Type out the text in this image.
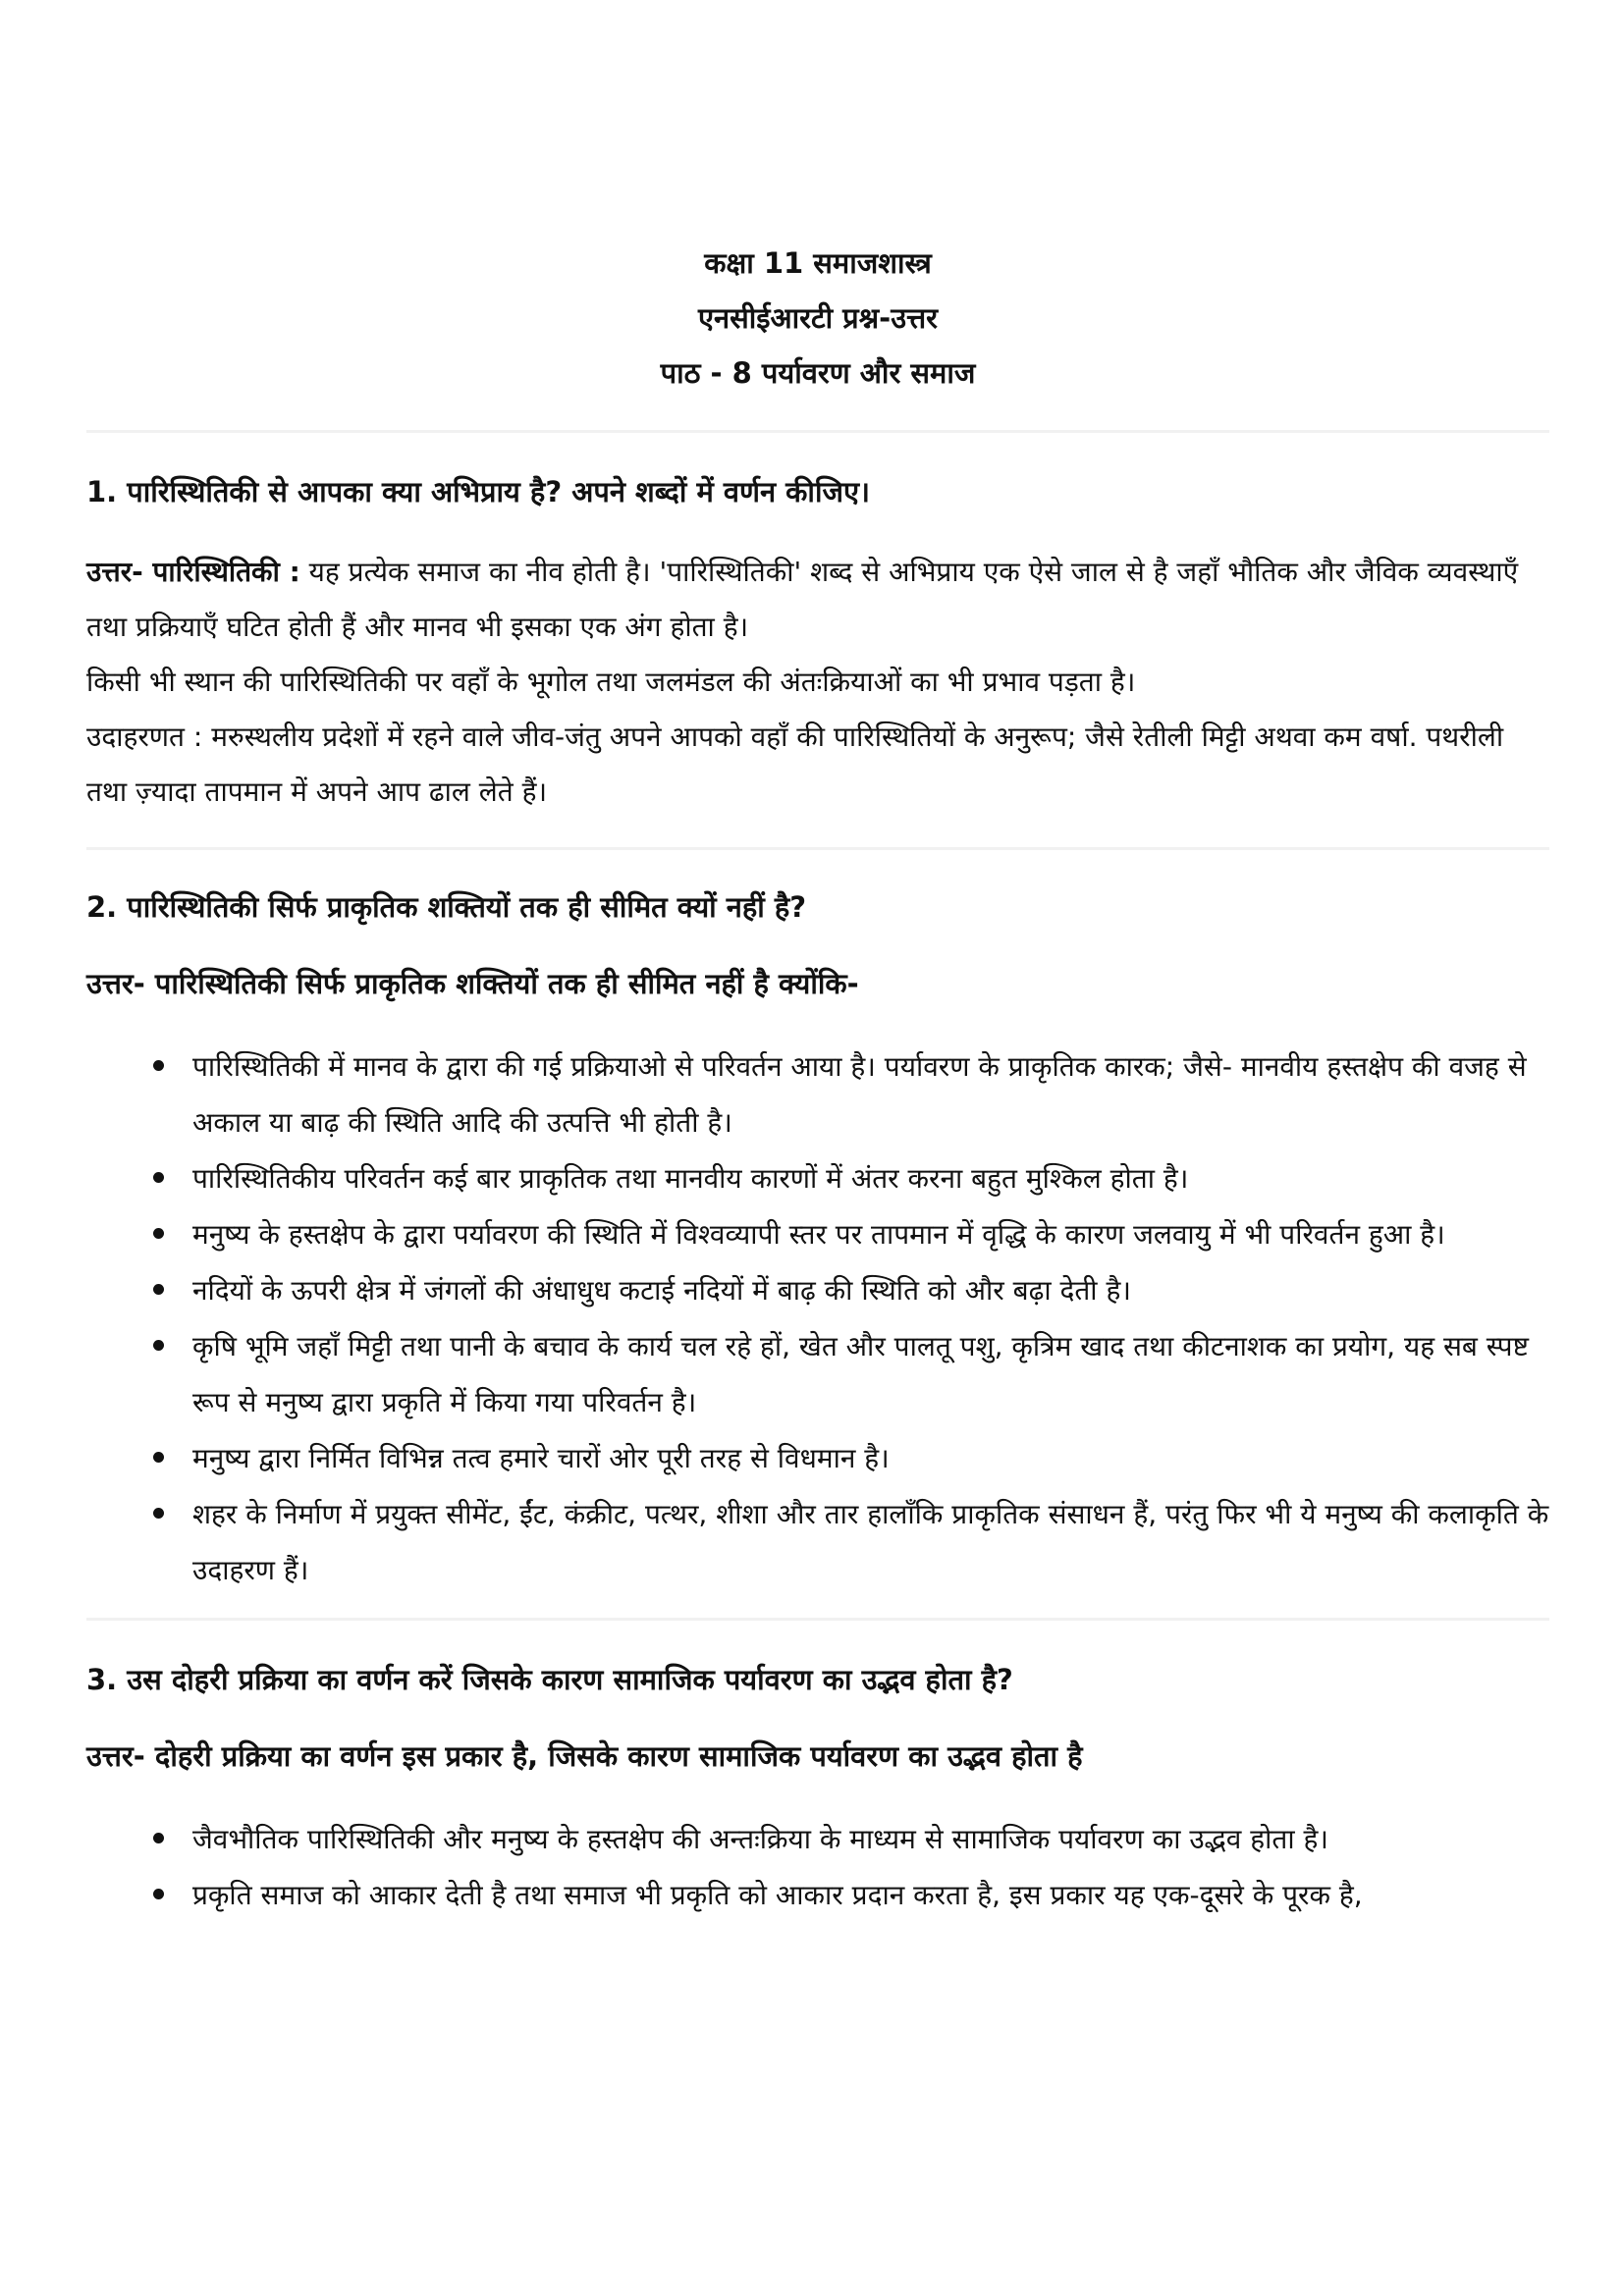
कक्षा 11 समाजशास्त्र
एनसीईआरटी प्रश्न-उत्तर
पाठ - 8 पर्यावरण और समाज

1. पारिस्थितिकी से आपका क्या अभिप्राय है? अपने शब्दों में वर्णन कीजिए।

उत्तर- पारिस्थितिकी : यह प्रत्येक समाज का नीव होती है। 'पारिस्थितिकी' शब्द से अभिप्राय एक ऐसे जाल से है जहाँ भौतिक और जैविक व्यवस्थाएँ तथा प्रक्रियाएँ घटित होती हैं और मानव भी इसका एक अंग होता है।

किसी भी स्थान की पारिस्थितिकी पर वहाँ के भूगोल तथा जलमंडल की अंतःक्रियाओं का भी प्रभाव पड़ता है।

उदाहरणत : मरुस्थलीय प्रदेशों में रहने वाले जीव-जंतु अपने आपको वहाँ की पारिस्थितियों के अनुरूप; जैसे रेतीली मिट्टी अथवा कम वर्षा. पथरीली तथा ज़्यादा तापमान में अपने आप ढाल लेते हैं।

2. पारिस्थितिकी सिर्फ प्राकृतिक शक्तियों तक ही सीमित क्यों नहीं है?

उत्तर- पारिस्थितिकी सिर्फ प्राकृतिक शक्तियों तक ही सीमित नहीं है क्योंकि-

पारिस्थितिकी में मानव के द्वारा की गई प्रक्रियाओ से परिवर्तन आया है। पर्यावरण के प्राकृतिक कारक; जैसे- मानवीय हस्तक्षेप की वजह से अकाल या बाढ़ की स्थिति आदि की उत्पत्ति भी होती है।
पारिस्थितिकीय परिवर्तन कई बार प्राकृतिक तथा मानवीय कारणों में अंतर करना बहुत मुश्किल होता है।
मनुष्य के हस्तक्षेप के द्वारा पर्यावरण की स्थिति में विश्वव्यापी स्तर पर तापमान में वृद्धि के कारण जलवायु में भी परिवर्तन हुआ है।
नदियों के ऊपरी क्षेत्र में जंगलों की अंधाधुध कटाई नदियों में बाढ़ की स्थिति को और बढ़ा देती है।
कृषि भूमि जहाँ मिट्टी तथा पानी के बचाव के कार्य चल रहे हों, खेत और पालतू पशु, कृत्रिम खाद तथा कीटनाशक का प्रयोग, यह सब स्पष्ट रूप से मनुष्य द्वारा प्रकृति में किया गया परिवर्तन है।
मनुष्य द्वारा निर्मित विभिन्न तत्व हमारे चारों ओर पूरी तरह से विधमान है।
शहर के निर्माण में प्रयुक्त सीमेंट, ईंट, कंक्रीट, पत्थर, शीशा और तार हालाँकि प्राकृतिक संसाधन हैं, परंतु फिर भी ये मनुष्य की कलाकृति के उदाहरण हैं।

3. उस दोहरी प्रक्रिया का वर्णन करें जिसके कारण सामाजिक पर्यावरण का उद्भव होता है?

उत्तर- दोहरी प्रक्रिया का वर्णन इस प्रकार है, जिसके कारण सामाजिक पर्यावरण का उद्भव होता है

जैवभौतिक पारिस्थितिकी और मनुष्य के हस्तक्षेप की अन्तःक्रिया के माध्यम से सामाजिक पर्यावरण का उद्भव होता है।
प्रकृति समाज को आकार देती है तथा समाज भी प्रकृति को आकार प्रदान करता है, इस प्रकार यह एक-दूसरे के पूरक है,
